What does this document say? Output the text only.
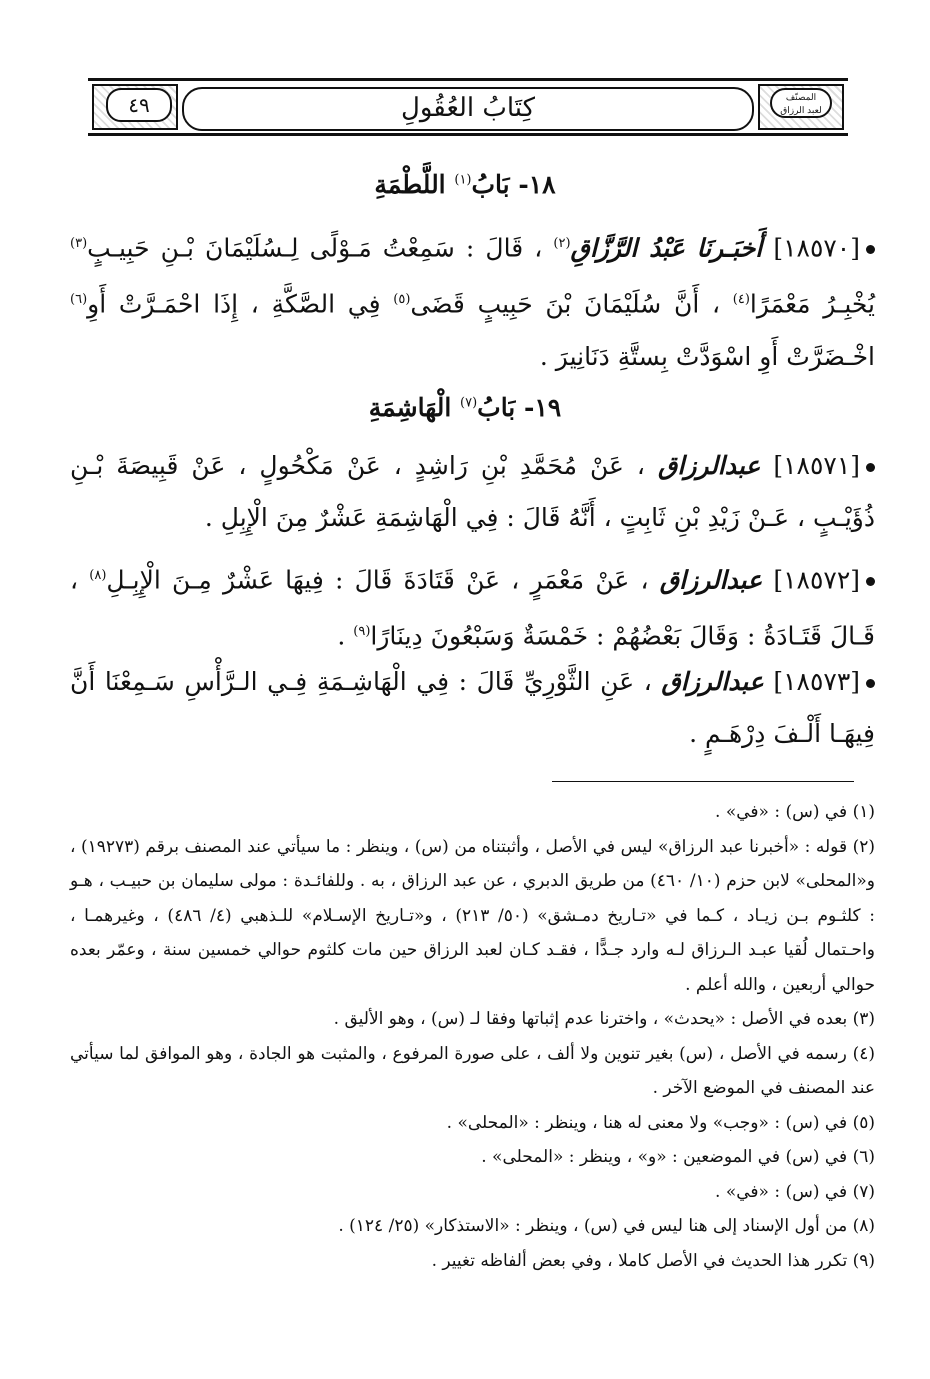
٤٩	المصنّف
لعبد الرزاق
كِتَابُ العُقُولِ
١٨- بَابُ$^{(١)}$ اللَّطْمَةِ
[١٨٥٧٠] أَخبَـرنَا عَبْدُ الرَّزَّاقِ$^{(٢)}$ ، قَالَ : سَمِعْتُ مَـوْلًى لِـسُلَيْمَانَ بْـنِ حَبِيـبٍ$^{(٣)}$ يُخْبِـرُ مَعْمَرًا$^{(٤)}$ ، أَنَّ سُلَيْمَانَ بْنَ حَبِيبٍ قَضَى$^{(٥)}$ فِي الصَّكَّةِ ، إِذَا احْمَـرَّتْ أَوِ$^{(٦)}$ اخْـضَرَّتْ أَوِ اسْوَدَّتْ بِستَّةِ دَنَانِيرَ .
١٩- بَابُ$^{(٧)}$ الْهَاشِمَةِ
[١٨٥٧١] عبدالرزاق ، عَنْ مُحَمَّدِ بْنِ رَاشِدٍ ، عَنْ مَكْحُولٍ ، عَنْ قَبِيصَةَ بْـنِ ذُؤَيْـبٍ ، عَـنْ زَيْدِ بْنِ ثَابِتٍ ، أَنَّهُ قَالَ : فِي الْهَاشِمَةِ عَشْرٌ مِنَ الْإِبِلِ .
[١٨٥٧٢] عبدالرزاق ، عَنْ مَعْمَرٍ ، عَنْ قَتَادَةَ قَالَ : فِيهَا عَشْرٌ مِـنَ الْإِبِـلِ$^{(٨)}$ ، قَـالَ قَتَـادَةُ : وَقَالَ بَعْضُهُمْ : خَمْسَةٌ وَسَبْعُونَ دِينَارًا$^{(٩)}$ .
[١٨٥٧٣] عبدالرزاق ، عَنِ الثَّوْرِيِّ قَالَ : فِي الْهَاشِـمَةِ فِـي الـرَّأْسِ سَـمِعْنَا أَنَّ فِيهَـا أَلْـفَ دِرْهَـمٍ .
(١) في (س) : «في» .
(٢) قوله : «أخبرنا عبد الرزاق» ليس في الأصل ، وأثبتناه من (س) ، وينظر : ما سيأتي عند المصنف برقم (١٩٢٧٣) ، و«المحلى» لابن حزم (١٠/ ٤٦٠) من طريق الدبري ، عن عبد الرزاق ، به . وللفائـدة : مولى سليمان بن حبيـب ، هـو : كلثـوم بـن زيـاد ، كـما في «تـاريخ دمـشق» (٥٠/ ٢١٣) ، و«تـاريخ الإسـلام» للـذهبي (٤/ ٤٨٦) ، وغيرهمـا ، واحـتمال لُقيا عبـد الـرزاق لـه وارد جـدًّا ، فقـد كـان لعبد الرزاق حين مات كلثوم حوالي خمسين سنة ، وعمّر بعده حوالي أربعين ، والله أعلم .
(٣) بعده في الأصل : «يحدث» ، واخترنا عدم إثباتها وفقا لـ (س) ، وهو الأليق .
(٤) رسمه في الأصل ، (س) بغير تنوين ولا ألف ، على صورة المرفوع ، والمثبت هو الجادة ، وهو الموافق لما سيأتي عند المصنف في الموضع الآخر .
(٥) في (س) : «وجب» ولا معنى له هنا ، وينظر : «المحلى» .
(٦) في (س) في الموضعين : «و» ، وينظر : «المحلى» .
(٧) في (س) : «في» .
(٨) من أول الإسناد إلى هنا ليس في (س) ، وينظر : «الاستذكار» (٢٥/ ١٢٤) .
(٩) تكرر هذا الحديث في الأصل كاملا ، وفي بعض ألفاظه تغيير .
